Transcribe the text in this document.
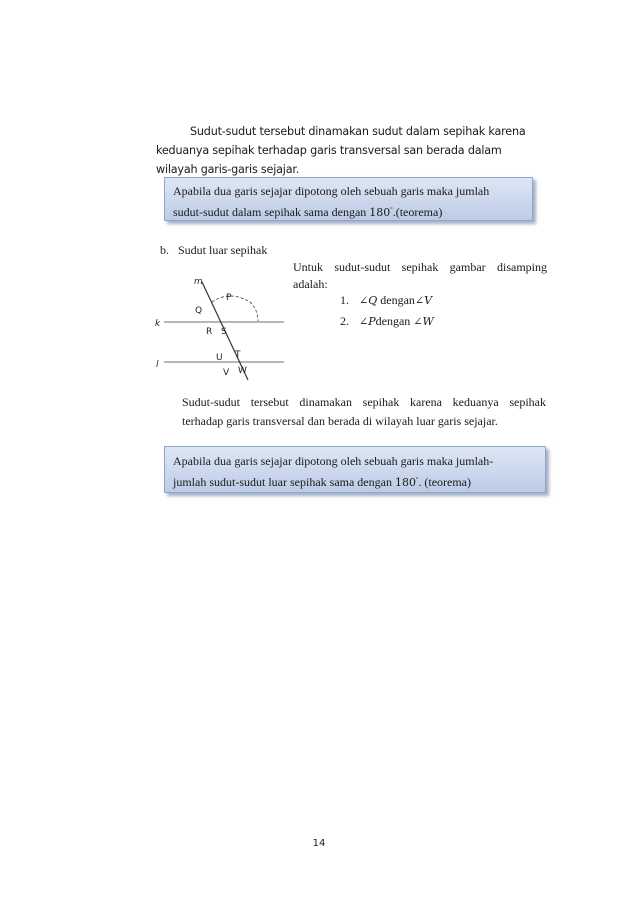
Sudut-sudut tersebut dinamakan sudut dalam sepihak karena
keduanya sepihak terhadap garis transversal san berada dalam
wilayah garis-garis sejajar.
Apabila dua garis sejajar dipotong oleh sebuah garis maka jumlah
sudut-sudut dalam sepihak sama dengan 180°.(teorema)
b. Sudut luar sepihak
Untuk sudut-sudut sepihak gambar disamping
adalah:
1. ∠𝑄 dengan∠𝑉
2. ∠𝑃dengan ∠𝑊
m
k
l
P
Q
R S
T
U
V W
Sudut-sudut tersebut dinamakan sepihak karena keduanya sepihak
terhadap garis transversal dan berada di wilayah luar garis sejajar.
Apabila dua garis sejajar dipotong oleh sebuah garis maka jumlah-
jumlah sudut-sudut luar sepihak sama dengan 180°. (teorema)
14
